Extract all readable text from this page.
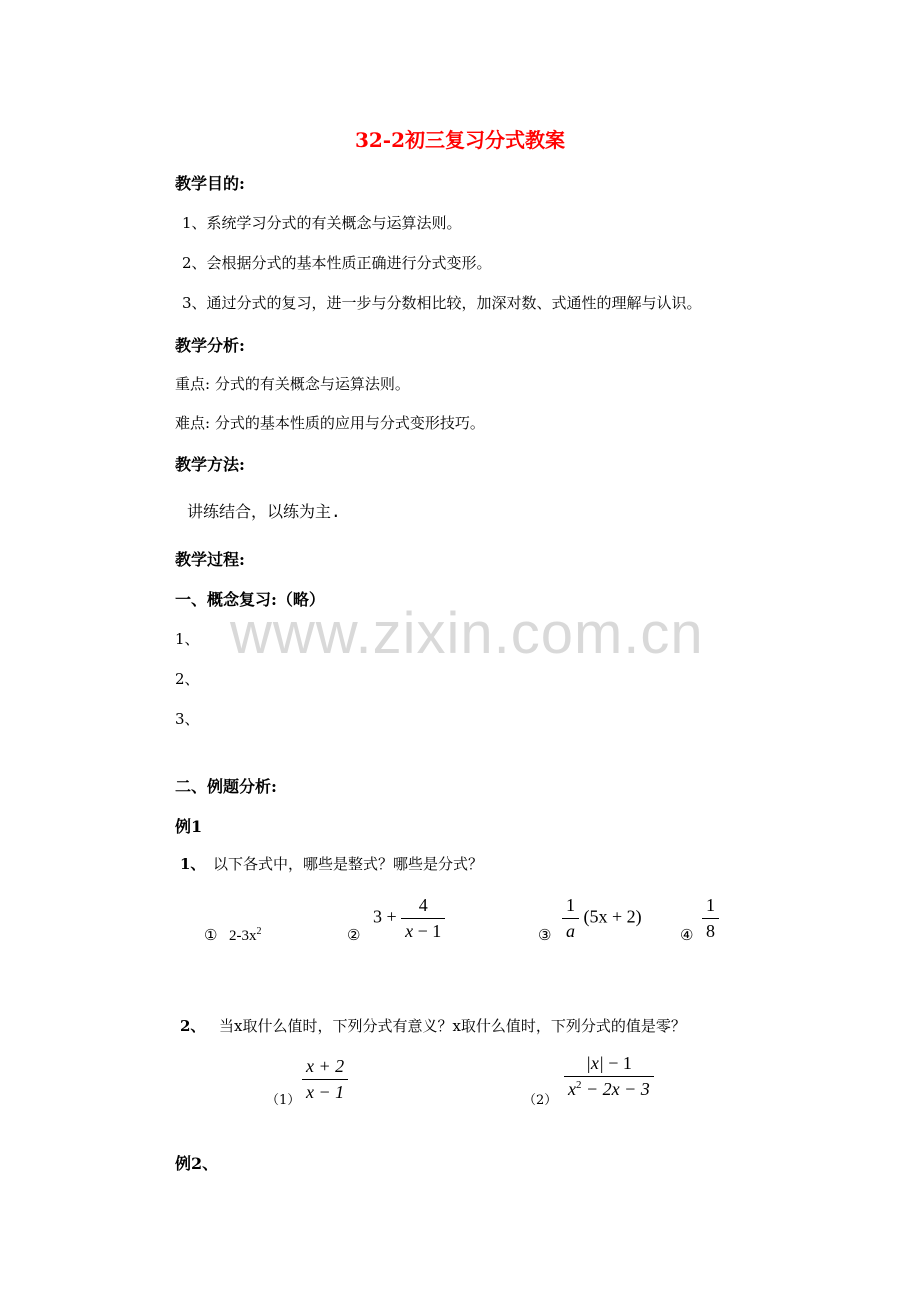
32-2初三复习分式教案
教学目的:
1、系统学习分式的有关概念与运算法则。
2、会根据分式的基本性质正确进行分式变形。
3、通过分式的复习，进一步与分数相比较，加深对数、式通性的理解与认识。
教学分析:
重点: 分式的有关概念与运算法则。
难点: 分式的基本性质的应用与分式变形技巧。
教学方法:
讲练结合，以练为主.
教学过程:
一、概念复习:（略）
1、
2、
3、
www.zixin.com.cn
二、例题分析:
例1
1、 以下各式中，哪些是整式？哪些是分式？
① $2-3x^2$	②
$3 + \frac{4}{x - 1}$	③ $\frac{1}{a} (5x + 2)$
④ $\frac{1}{8}$
2、 当x取什么值时，下列分式有意义？x取什么值时，下列分式的值是零？
$(1) \frac{x + 2}{x - 1}$	（2）
$\frac{|x| - 1}{x^2 - 2x - 3}$
例2、
